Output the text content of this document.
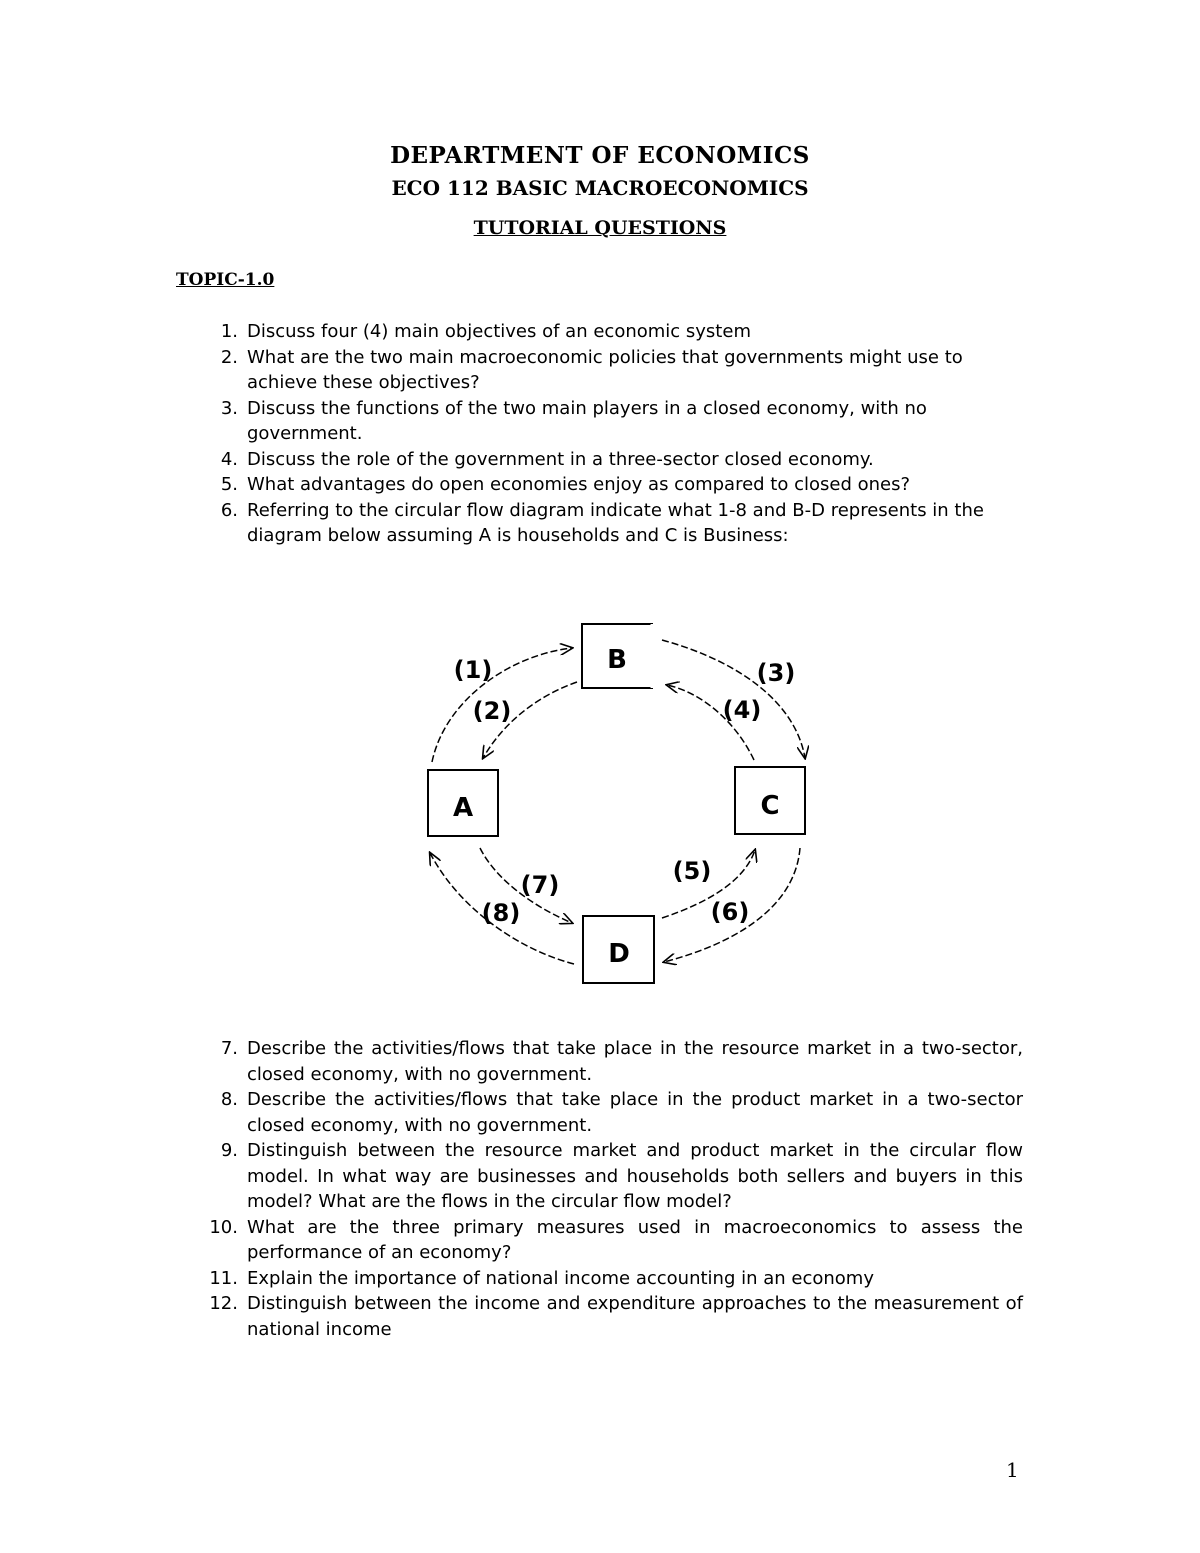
DEPARTMENT OF ECONOMICS
ECO 112 BASIC MACROECONOMICS
TUTORIAL QUESTIONS
TOPIC-1.0
1. Discuss four (4) main objectives of an economic system
2. What are the two main macroeconomic policies that governments might use to achieve these objectives?
3. Discuss the functions of the two main players in a closed economy, with no government.
4. Discuss the role of the government in a three-sector closed economy.
5. What advantages do open economies enjoy as compared to closed ones?
6. Referring to the circular flow diagram indicate what 1-8 and B-D represents in the diagram below assuming A is households and C is Business:
B
A	C
D
(1)
(2)
(3)
(4)
(5)
(6)
(7)
(8)
7. Describe the activities/flows that take place in the resource market in a two-sector, closed economy, with no government.
8. Describe the activities/flows that take place in the product market in a two-sector closed economy, with no government.
9. Distinguish between the resource market and product market in the circular flow model. In what way are businesses and households both sellers and buyers in this model? What are the flows in the circular flow model?
10. What are the three primary measures used in macroeconomics to assess the performance of an economy?
11. Explain the importance of national income accounting in an economy
12. Distinguish between the income and expenditure approaches to the measurement of national income

1
